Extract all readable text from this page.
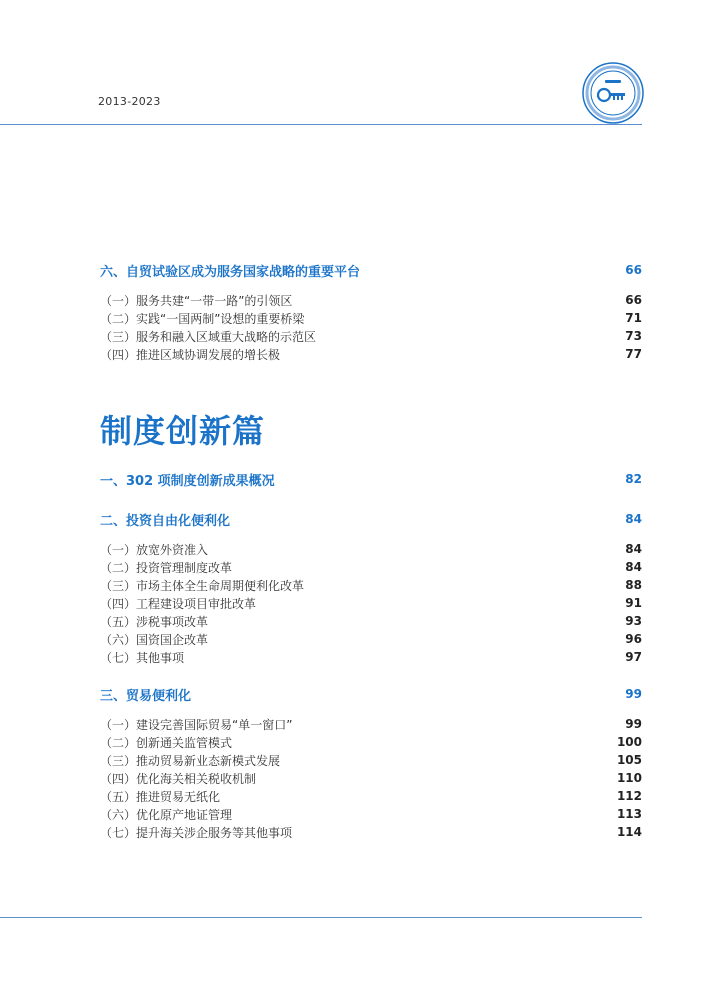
2013-2023
六、自贸试验区成为服务国家战略的重要平台	66
（一）服务共建“一带一路”的引领区	66
（二）实践“一国两制”设想的重要桥梁	71
（三）服务和融入区域重大战略的示范区	73
（四）推进区域协调发展的增长极	77
制度创新篇
一、302 项制度创新成果概况	82
二、投资自由化便利化	84
（一）放宽外资准入	84
（二）投资管理制度改革	84
（三）市场主体全生命周期便利化改革	88
（四）工程建设项目审批改革	91
（五）涉税事项改革	93
（六）国资国企改革	96
（七）其他事项	97
三、贸易便利化	99
（一）建设完善国际贸易“单一窗口”	99
（二）创新通关监管模式	100
（三）推动贸易新业态新模式发展	105
（四）优化海关相关税收机制	110
（五）推进贸易无纸化	112
（六）优化原产地证管理	113
（七）提升海关涉企服务等其他事项	114
